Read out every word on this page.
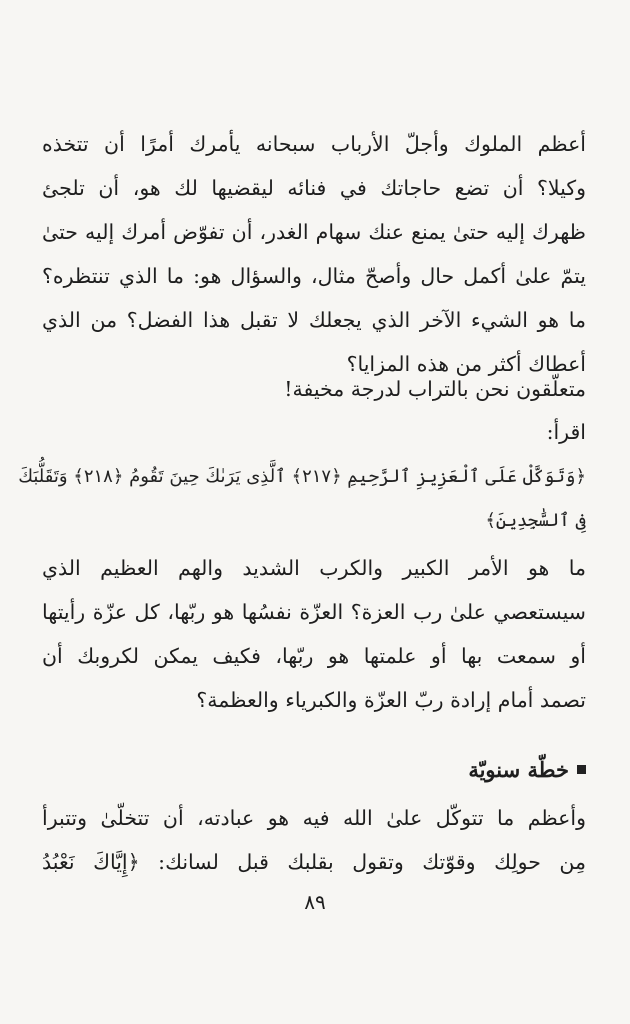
أعظم الملوك وأجلّ الأرباب سبحانه يأمرك أمرًا أن تتخذه
وكيلا؟ أن تضع حاجاتك في فنائه ليقضيها لك هو، أن تلجئ
ظهرك إليه حتىٰ يمنع عنك سهام الغدر، أن تفوّض أمرك إليه حتىٰ
يتمّ علىٰ أكمل حال وأصحّ مثال، والسؤال هو: ما الذي تنتظره؟
ما هو الشيء الآخر الذي يجعلك لا تقبل هذا الفضل؟ من الذي
أعطاك أكثر من هذه المزايا؟
متعلّقون نحن بالتراب لدرجة مخيفة!
اقرأ:
﴿وَتَوَكَّلْ عَلَى ٱلْعَزِيزِ ٱلرَّحِيمِ ﴿٢١٧﴾ ٱلَّذِى يَرَىٰكَ حِينَ تَقُومُ ﴿٢١٨﴾ وَتَقَلُّبَكَ
فِى ٱلسَّٰجِدِينَ﴾
ما هو الأمر الكبير والكرب الشديد والهم العظيم الذي
سيستعصي علىٰ رب العزة؟ العزّة نفسُها هو ربّها، كل عزّة رأيتها
أو سمعت بها أو علمتها هو ربّها، فكيف يمكن لكروبك أن
تصمد أمام إرادة ربّ العزّة والكبرياء والعظمة؟
خطّة سنويّة
وأعظم ما تتوكّل علىٰ الله فيه هو عبادته، أن تتخلّىٰ وتتبرأ
مِن حولِك وقوّتك وتقول بقلبك قبل لسانك: ﴿إِيَّاكَ نَعْبُدُ
٨٩
